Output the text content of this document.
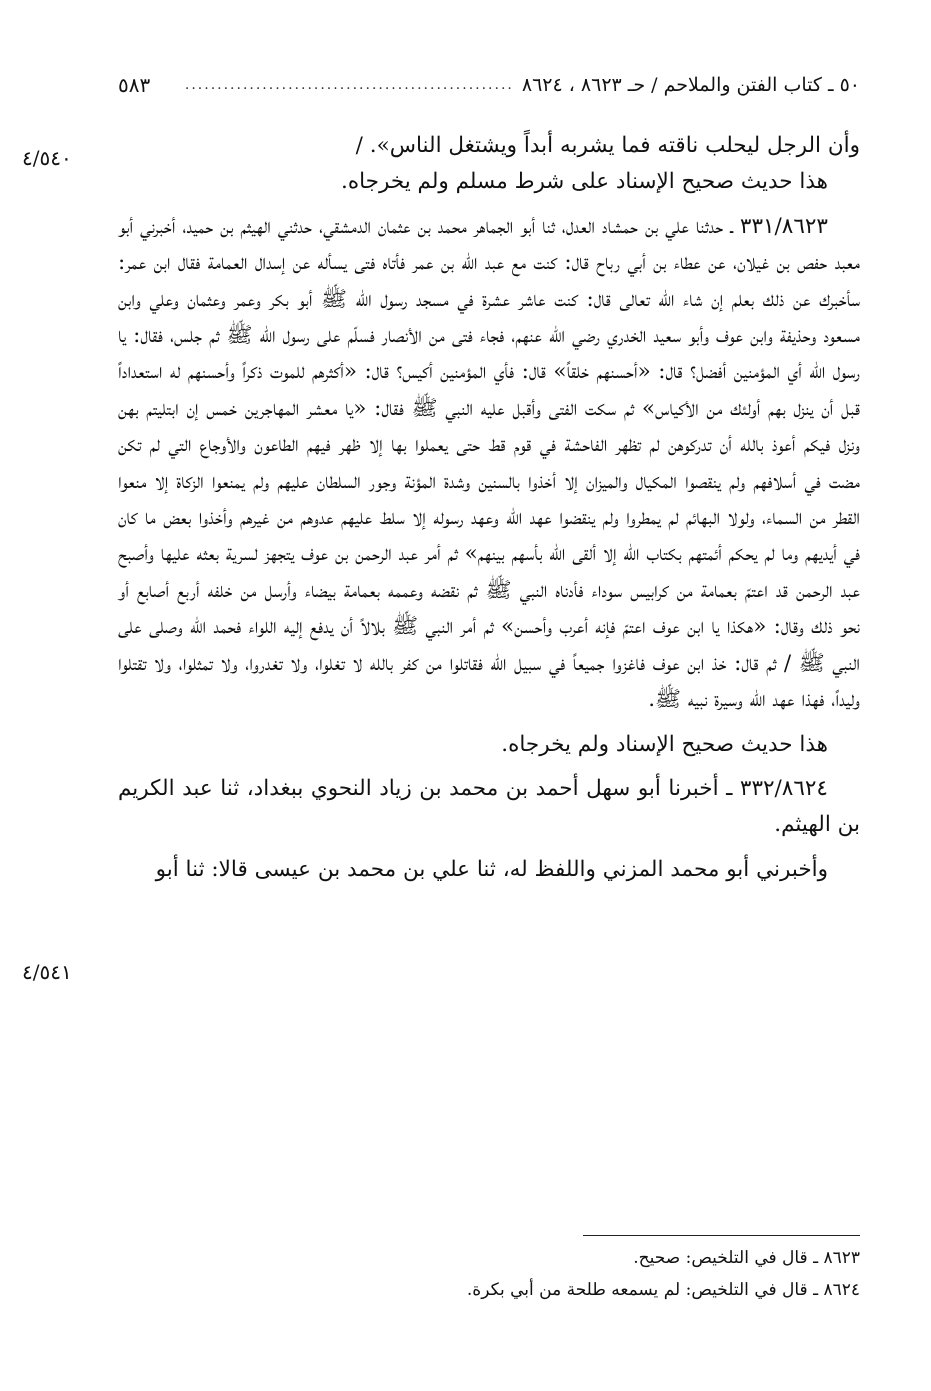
٥٠ ـ كتاب الفتن والملاحم / حـ ٨٦٢٣ ، ٨٦٢٤
...................................................
٥٨٣
٤/٥٤٠
٤/٥٤١

وأن الرجل ليحلب ناقته فما يشربه أبداً ويشتغل الناس». /

هذا حديث صحيح الإسناد على شرط مسلم ولم يخرجاه.

٣٣١/٨٦٢٣ ـ حدثنا علي بن حمشاد العدل، ثنا أبو الجماهر محمد بن عثمان الدمشقي، حدثني الهيثم بن حميد، أخبرني أبو معبد حفص بن غيلان، عن عطاء بن أبي رباح قال: كنت مع عبد الله بن عمر فأتاه فتى يسأله عن إسدال العمامة فقال ابن عمر: سأخبرك عن ذلك بعلم إن شاء الله تعالى قال: كنت عاشر عشرة في مسجد رسول الله ﷺ أبو بكر وعمر وعثمان وعلي وابن مسعود وحذيفة وابن عوف وأبو سعيد الخدري رضي الله عنهم، فجاء فتى من الأنصار فسلّم على رسول الله ﷺ ثم جلس، فقال: يا رسول الله أي المؤمنين أفضل؟ قال: «أحسنهم خلقاً» قال: فأي المؤمنين أكيس؟ قال: «أكثرهم للموت ذكراً وأحسنهم له استعداداً قبل أن ينزل بهم أولئك من الأكياس» ثم سكت الفتى وأقبل عليه النبي ﷺ فقال: «يا معشر المهاجرين خمس إن ابتليتم بهن ونزل فيكم أعوذ بالله أن تدركوهن لم تظهر الفاحشة في قوم قط حتى يعملوا بها إلا ظهر فيهم الطاعون والأوجاع التي لم تكن مضت في أسلافهم ولم ينقصوا المكيال والميزان إلا أخذوا بالسنين وشدة المؤنة وجور السلطان عليهم ولم يمنعوا الزكاة إلا منعوا القطر من السماء، ولولا البهائم لم يمطروا ولم ينقضوا عهد الله وعهد رسوله إلا سلط عليهم عدوهم من غيرهم وأخذوا بعض ما كان في أيديهم وما لم يحكم أئمتهم بكتاب الله إلا ألقى الله بأسهم بينهم» ثم أمر عبد الرحمن بن عوف يتجهز لسرية بعثه عليها وأصبح عبد الرحمن قد اعتمّ بعمامة من كرابيس سوداء فأدناه النبي ﷺ ثم نقضه وعممه بعمامة بيضاء وأرسل من خلفه أربع أصابع أو نحو ذلك وقال: «هكذا يا ابن عوف اعتمّ فإنه أعرب وأحسن» ثم أمر النبي ﷺ بلالاً أن يدفع إليه اللواء فحمد الله وصلى على النبي ﷺ / ثم قال: خذ ابن عوف فاغزوا جميعاً في سبيل الله فقاتلوا من كفر بالله لا تغلوا، ولا تغدروا، ولا تمثلوا، ولا تقتلوا وليداً، فهذا عهد الله وسيرة نبيه ﷺ.

هذا حديث صحيح الإسناد ولم يخرجاه.

٣٣٢/٨٦٢٤ ـ أخبرنا أبو سهل أحمد بن محمد بن زياد النحوي ببغداد، ثنا عبد الكريم بن الهيثم.

وأخبرني أبو محمد المزني واللفظ له، ثنا علي بن محمد بن عيسى قالا: ثنا أبو

٨٦٢٣ ـ قال في التلخيص: صحيح.

٨٦٢٤ ـ قال في التلخيص: لم يسمعه طلحة من أبي بكرة.
